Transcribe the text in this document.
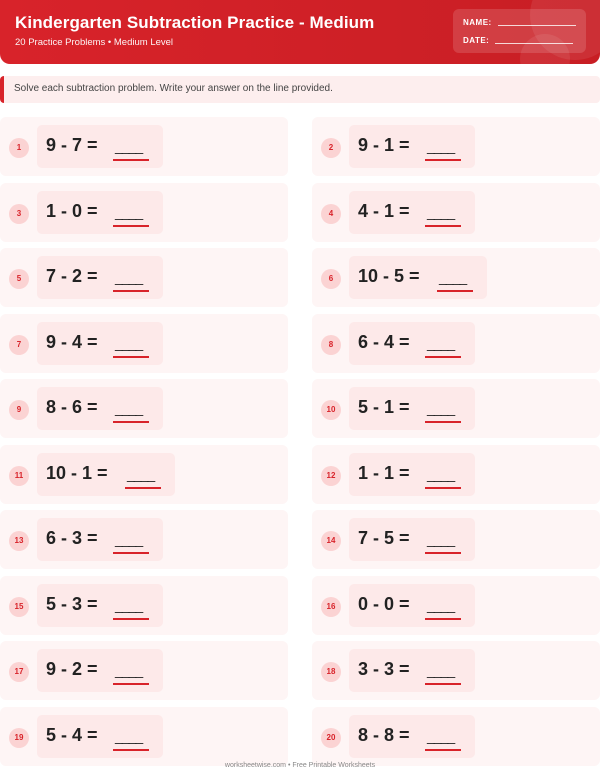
Kindergarten Subtraction Practice - Medium
20 Practice Problems • Medium Level
NAME:
DATE:
Solve each subtraction problem. Write your answer on the line provided.
1	9 - 7 = ____	2	9 - 1 = ____
3	1 - 0 = ____	4	4 - 1 = ____
5	7 - 2 = ____	6	10 - 5 = ____
7	9 - 4 = ____	8	6 - 4 = ____
9	8 - 6 = ____	10	5 - 1 = ____
11	10 - 1 = ____	12	1 - 1 = ____
13	6 - 3 = ____	14	7 - 5 = ____
15	5 - 3 = ____	16	0 - 0 = ____
17	9 - 2 = ____	18	3 - 3 = ____
19	5 - 4 = ____	20	8 - 8 = ____
worksheetwise.com • Free Printable Worksheets
